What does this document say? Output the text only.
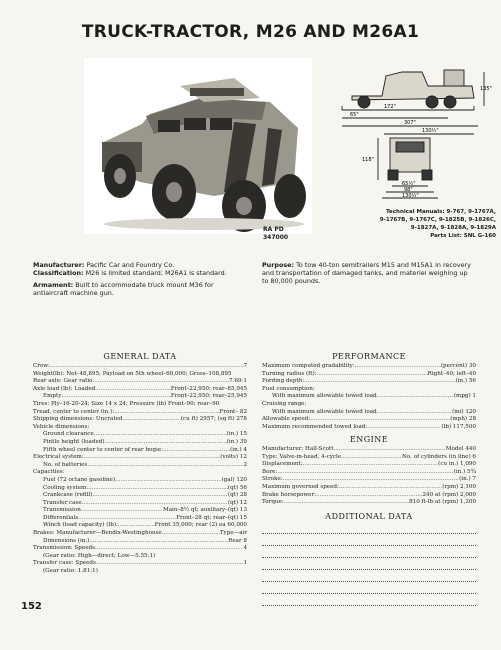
TRUCK-TRACTOR, M26 AND M26A1
RA PD
347000
172"
65"
307"
130½"
135"
118"
65½"
98"
130½"
Technical Manuals: 9-767, 9-1767A,
9-1767B, 9-1767C, 9-1825B, 9-1826C,
9-1827A, 9-1828A, 9-1829A
Parts List: SNL G-160
Manufacturer: Pacific Car and Foundry Co.
Classification: M26 is limited standard; M26A1 is standard.
Armament: Built to accommodate truck mount M36 for antiaircraft machine gun.
Purpose: To tow 40-ton semitrailers M15 and M15A1 in recovery and transportation of damaged tanks, and materiel weighing up to 80,000 pounds.
GENERAL DATA
Crew: .....	7
Weight(lb): Net–48,895; Payload on 5th wheel–60,000; Gross–108,895
Rear axle: Gear ratio .....	7.69:1
Axle load (lb): Loaded .....	Front–22,950; rear–85,945
Empty .....	Front–22,950; rear–25,945
Tires: Ply–16-20-24; Size 14 x 24; Pressure (lb) Front–90; rear–90
Tread, center to center (in.): .....	Front– 82
Shipping dimensions: Uncrated .....	(cu ft) 2957; (sq ft) 278
Vehicle dimensions:
Ground clearance .....	(in.) 15
Pintle height (loaded) .....	(in.) 39
Fifth wheel center to center of rear bogie: .....	(in.) 4
Electrical system: .....	(volts) 12
No. of batteries .....	2
Capacities:
Fuel (72 octane gasoline) .....	(gal) 120
Cooling system .....	(qt) 56
Crankcase (refill) .....	(qt) 28
Transfer case .....	(qt) 12
Transmission .....	Main–8½ qt; auxiliary–(qt) 13
Differentials .....	Front–28 qt; rear–(qt) 15
Winch (load capacity) (lb) .....	Front 35,000; rear (2) ea 60,000
Brakes: Manufacturer—Bendix-Westinghouse .....	Type—air
Dimensions (in.) .....	Rear 8
Transmission: Speeds .....	4
(Gear ratio: High—direct; Low—5.55:1)
Transfer case: Speeds .....	1
(Gear ratio: 1.81:1)
PERFORMANCE
Maximum computed gradability: .....	(percent) 30
Turning radius (ft): .....	Right–40; left–40
Fording depth: .....	(in.) 56
Fuel consumption:
With maximum allowable towed load .....	(mpg) 1
Cruising range:
With maximum allowable towed load .....	(mi) 120
Allowable speed: .....	(mph) 28
Maximum recommended towed load: .....	(lb) 117,500
ENGINE
Manufacturer: Hall-Scott .....	Model 440
Type: Valve-in-head, 4-cycle .....	No. of cylinders (in line) 6
Displacement: .....	(cu in.) 1,090
Bore: .....	(in.) 5¾
Stroke: .....	(in.) 7
Maximum governed speed: .....	(rpm) 2,100
Brake horsepower: .....	240 at (rpm) 2,000
Torque: .....	810 ft-lb at (rpm) 1,200
ADDITIONAL DATA
152
